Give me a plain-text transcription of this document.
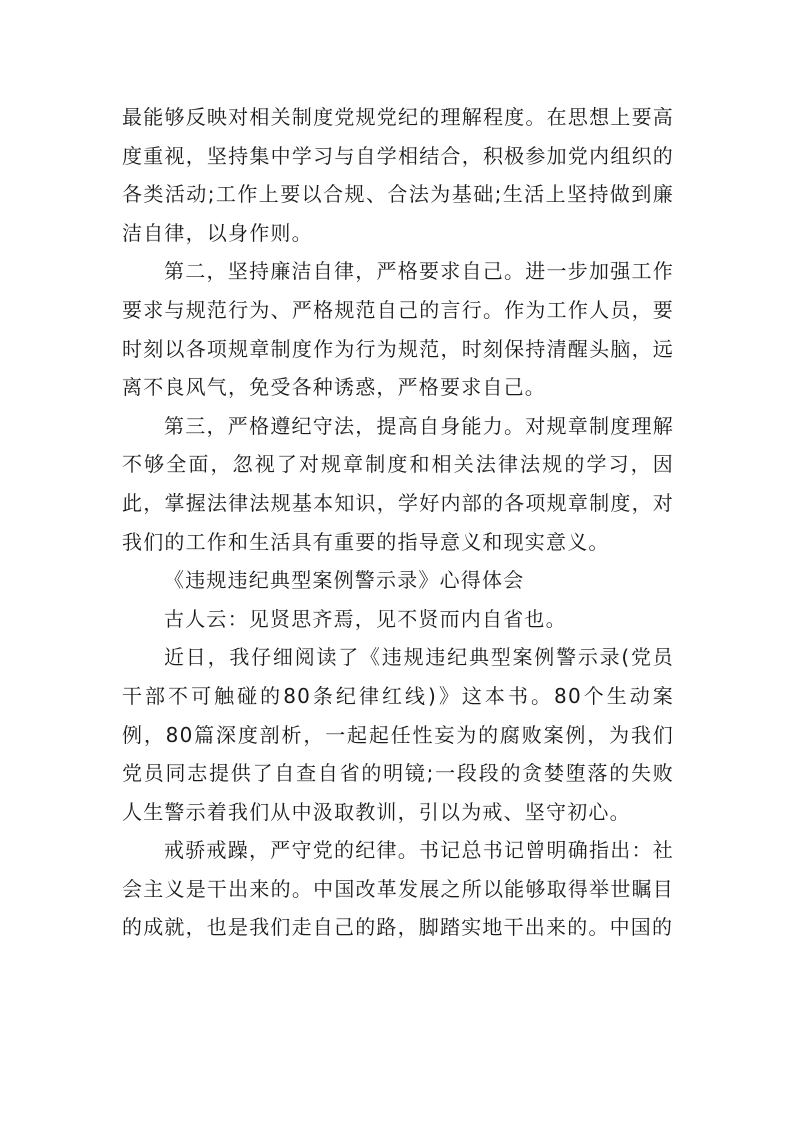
最能够反映对相关制度党规党纪的理解程度。在思想上要高度重视，坚持集中学习与自学相结合，积极参加党内组织的各类活动;工作上要以合规、合法为基础;生活上坚持做到廉洁自律，以身作则。

第二，坚持廉洁自律，严格要求自己。进一步加强工作要求与规范行为、严格规范自己的言行。作为工作人员，要时刻以各项规章制度作为行为规范，时刻保持清醒头脑，远离不良风气，免受各种诱惑，严格要求自己。

第三，严格遵纪守法，提高自身能力。对规章制度理解不够全面，忽视了对规章制度和相关法律法规的学习，因此，掌握法律法规基本知识，学好内部的各项规章制度，对我们的工作和生活具有重要的指导意义和现实意义。

《违规违纪典型案例警示录》心得体会

古人云：见贤思齐焉，见不贤而内自省也。

近日，我仔细阅读了《违规违纪典型案例警示录(党员干部不可触碰的80条纪律红线)》这本书。80个生动案例，80篇深度剖析，一起起任性妄为的腐败案例，为我们党员同志提供了自查自省的明镜;一段段的贪婪堕落的失败人生警示着我们从中汲取教训，引以为戒、坚守初心。

戒骄戒躁，严守党的纪律。书记总书记曾明确指出：社会主义是干出来的。中国改革发展之所以能够取得举世瞩目的成就，也是我们走自己的路，脚踏实地干出来的。中国的
